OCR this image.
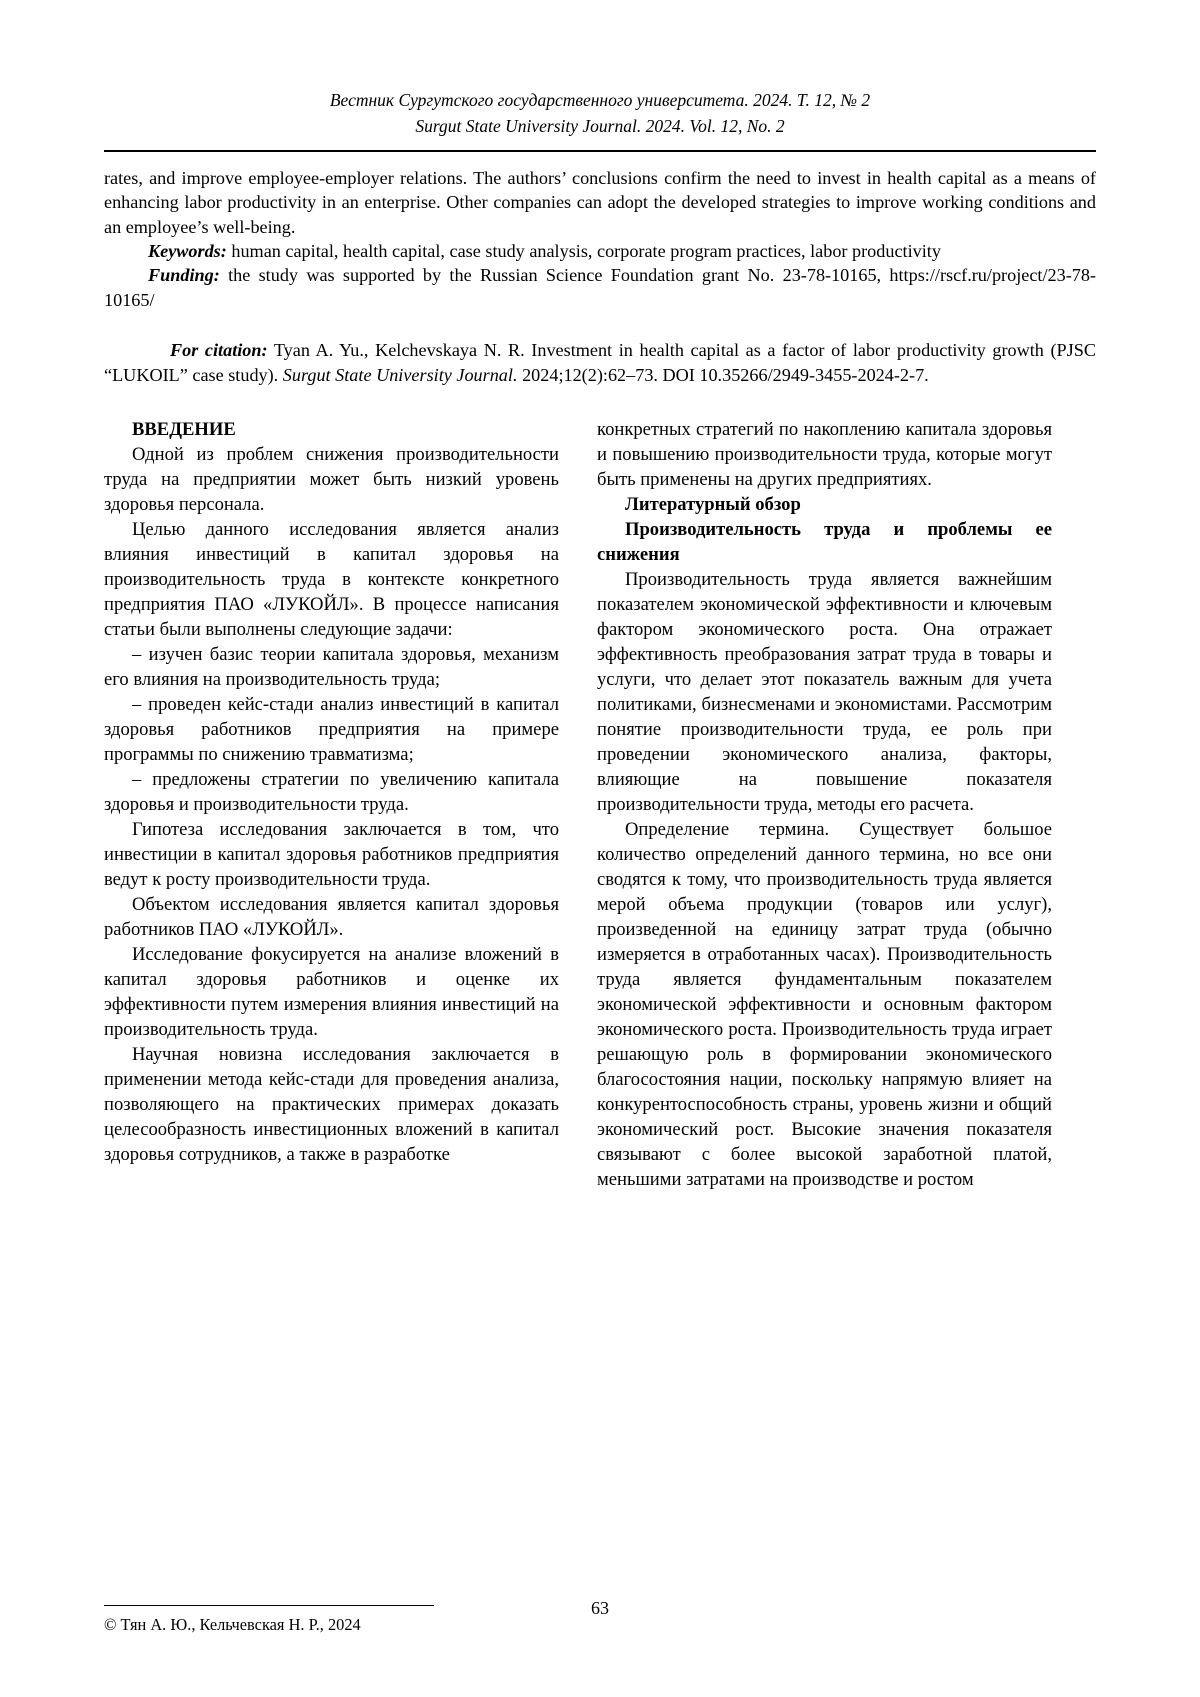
Вестник Сургутского государственного университета. 2024. Т. 12, № 2
Surgut State University Journal. 2024. Vol. 12, No. 2

rates, and improve employee-employer relations. The authors’ conclusions confirm the need to invest in health capital as a means of enhancing labor productivity in an enterprise. Other companies can adopt the developed strategies to improve working conditions and an employee’s well-being.

Keywords: human capital, health capital, case study analysis, corporate program practices, labor productivity

Funding: the study was supported by the Russian Science Foundation grant No. 23-78-10165, https://rscf.ru/project/23-78-10165/

For citation: Tyan A. Yu., Kelchevskaya N. R. Investment in health capital as a factor of labor productivity growth (PJSC “LUKOIL” case study). Surgut State University Journal. 2024;12(2):62–73. DOI 10.35266/2949-3455-2024-2-7.

ВВЕДЕНИЕ

Одной из проблем снижения производительности труда на предприятии может быть низкий уровень здоровья персонала.

Целью данного исследования является анализ влияния инвестиций в капитал здоровья на производительность труда в контексте конкретного предприятия ПАО «ЛУКОЙЛ». В процессе написания статьи были выполнены следующие задачи:

– изучен базис теории капитала здоровья, механизм его влияния на производительность труда;

– проведен кейс-стади анализ инвестиций в капитал здоровья работников предприятия на примере программы по снижению травматизма;

– предложены стратегии по увеличению капитала здоровья и производительности труда.

Гипотеза исследования заключается в том, что инвестиции в капитал здоровья работников предприятия ведут к росту производительности труда.

Объектом исследования является капитал здоровья работников ПАО «ЛУКОЙЛ».

Исследование фокусируется на анализе вложений в капитал здоровья работников и оценке их эффективности путем измерения влияния инвестиций на производительность труда.

Научная новизна исследования заключается в применении метода кейс-стади для проведения анализа, позволяющего на практических примерах доказать целесообразность инвестиционных вложений в капитал здоровья сотрудников, а также в разработке

конкретных стратегий по накоплению капитала здоровья и повышению производительности труда, которые могут быть применены на других предприятиях.

Литературный обзор
Производительность труда и проблемы ее снижения

Производительность труда является важнейшим показателем экономической эффективности и ключевым фактором экономического роста. Она отражает эффективность преобразования затрат труда в товары и услуги, что делает этот показатель важным для учета политиками, бизнесменами и экономистами. Рассмотрим понятие производительности труда, ее роль при проведении экономического анализа, факторы, влияющие на повышение показателя производительности труда, методы его расчета.

Определение термина. Существует большое количество определений данного термина, но все они сводятся к тому, что производительность труда является мерой объема продукции (товаров или услуг), произведенной на единицу затрат труда (обычно измеряется в отработанных часах). Производительность труда является фундаментальным показателем экономической эффективности и основным фактором экономического роста. Производительность труда играет решающую роль в формировании экономического благосостояния нации, поскольку напрямую влияет на конкурентоспособность страны, уровень жизни и общий экономический рост. Высокие значения показателя связывают с более высокой заработной платой, меньшими затратами на производстве и ростом

© Тян А. Ю., Кельчевская Н. Р., 2024
63
